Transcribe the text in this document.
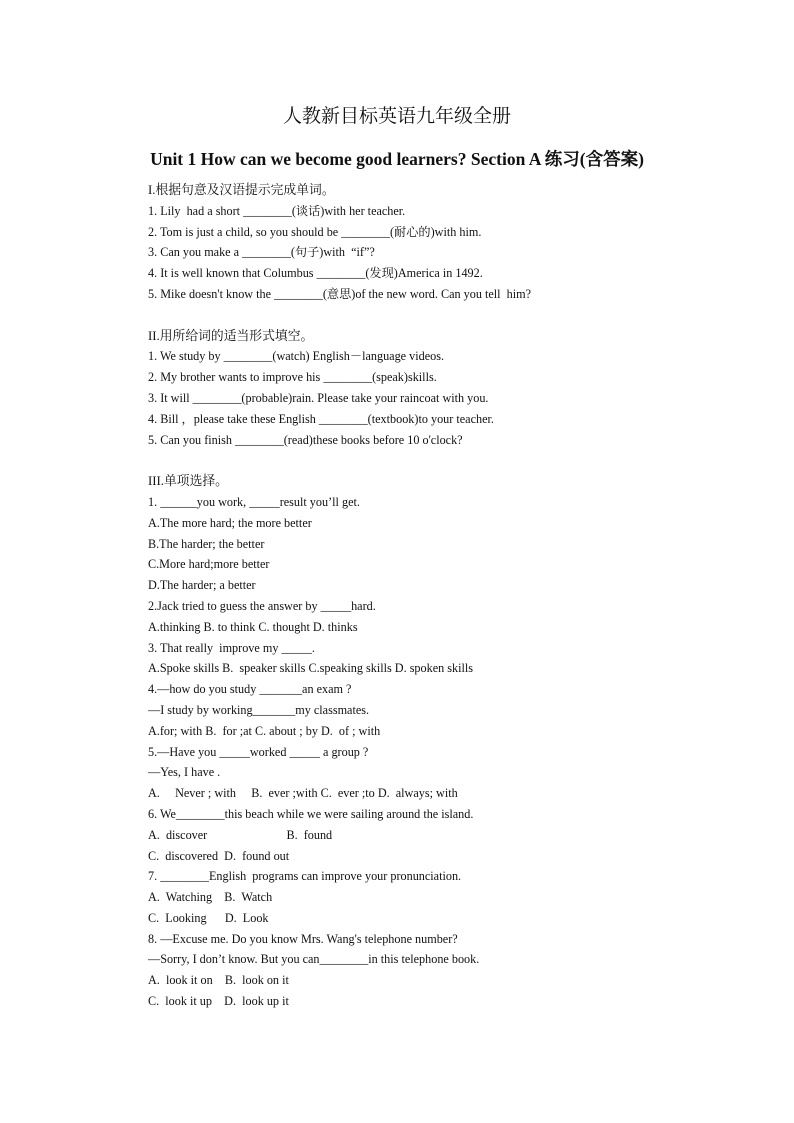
人教新目标英语九年级全册
Unit 1 How can we become good learners? Section A 练习(含答案)
I.根据句意及汉语提示完成单词。
1. Lily  had a short ________(谈话)with her teacher.
2. Tom is just a child, so you should be ________(耐心的)with him.
3. Can you make a ________(句子)with  “if”?
4. It is well known that Columbus ________(发现)America in 1492.
5. Mike doesn't know the ________(意思)of the new word. Can you tell  him?
II.用所给词的适当形式填空。
1. We study by ________(watch) English－language videos.
2. My brother wants to improve his ________(speak)skills.
3. It will ________(probable)rain. Please take your raincoat with you.
4. Bill ，please take these English ________(textbook)to your teacher.
5. Can you finish ________(read)these books before 10 o'clock?
III.单项选择。
1. ______you work, _____result you’ll get.
A.The more hard; the more better
B.The harder; the better
C.More hard;more better
D.The harder; a better
2.Jack tried to guess the answer by _____hard.
A.thinking B. to think C. thought D. thinks
3. That really  improve my _____.
A.Spoke skills B.  speaker skills C.speaking skills D. spoken skills
4.—how do you study _______an exam ?
—I study by working_______my classmates.
A.for; with B.  for ;at C. about ; by D.  of ; with
5.—Have you _____worked _____ a group ?
—Yes, I have .
A.     Never ; with     B.  ever ;with C.  ever ;to D.  always; with
6. We________this beach while we were sailing around the island.
A.  discover                          B.  found
C.  discovered  D.  found out
7. ________English  programs can improve your pronunciation.
A.  Watching    B.  Watch
C.  Looking      D.  Look
8. —Excuse me. Do you know Mrs. Wang's telephone number?
—Sorry, I don’t know. But you can________in this telephone book.
A.  look it on    B.  look on it
C.  look it up    D.  look up it
